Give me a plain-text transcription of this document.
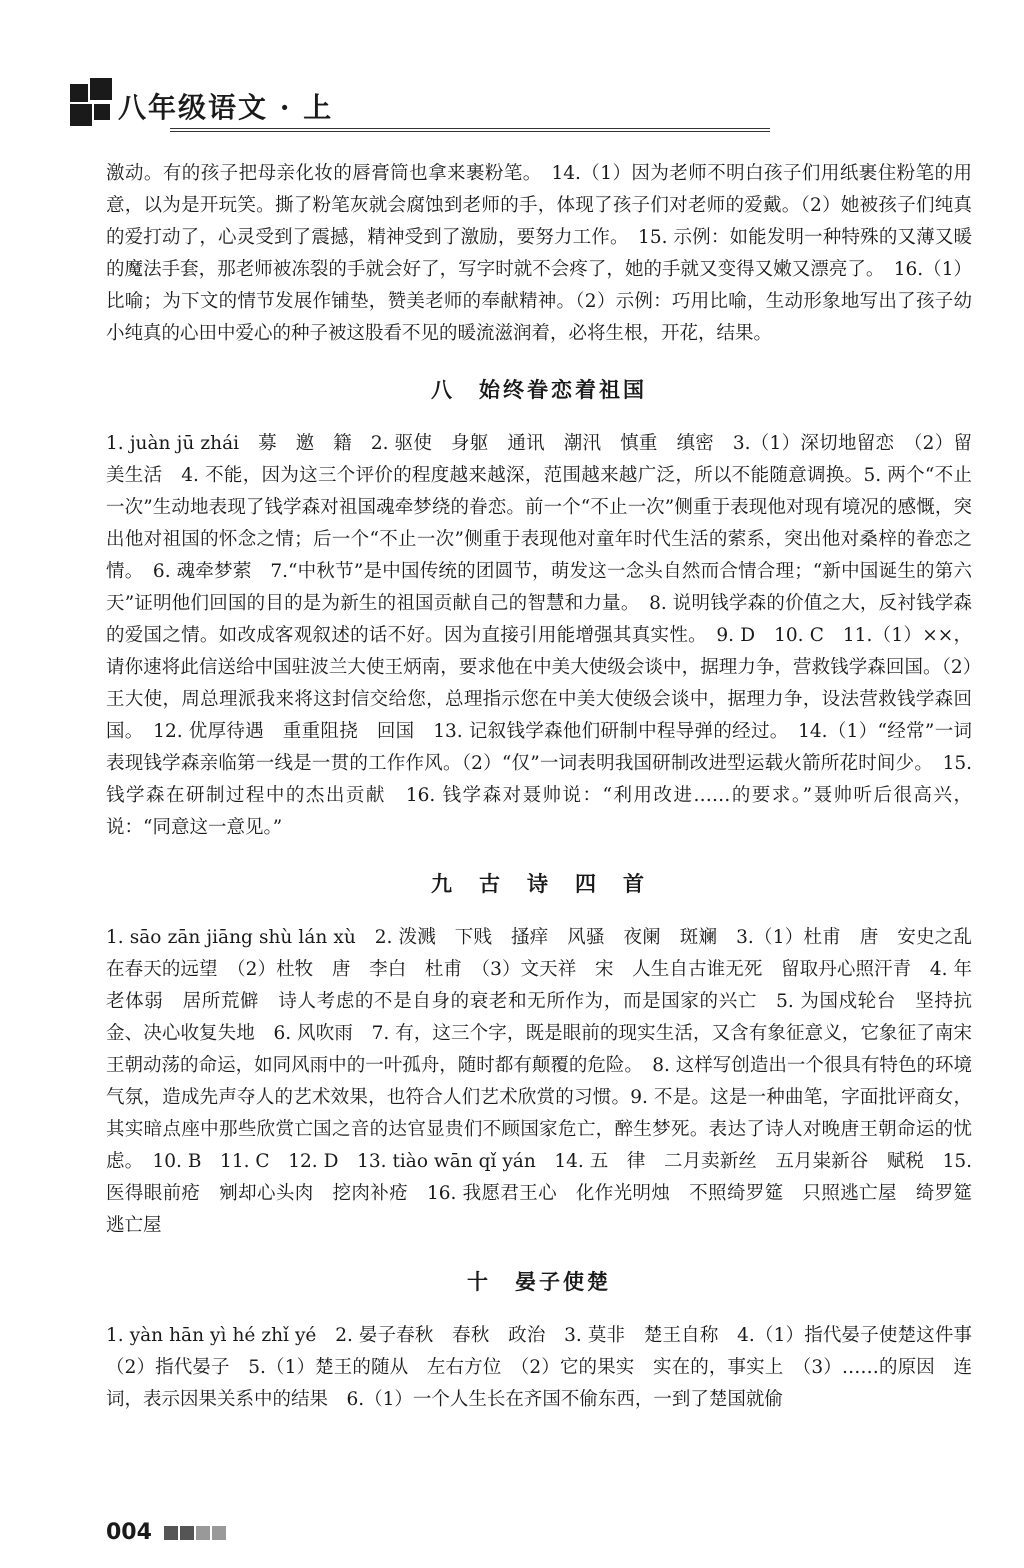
八年级语文 · 上

激动。有的孩子把母亲化妆的唇膏筒也拿来裹粉笔。　14.（1）因为老师不明白孩子们用纸裹住粉笔的用意，以为是开玩笑。撕了粉笔灰就会腐蚀到老师的手，体现了孩子们对老师的爱戴。（2）她被孩子们纯真的爱打动了，心灵受到了震撼，精神受到了激励，要努力工作。　15. 示例：如能发明一种特殊的又薄又暖的魔法手套，那老师被冻裂的手就会好了，写字时就不会疼了，她的手就又变得又嫩又漂亮了。　16.（1）比喻；为下文的情节发展作铺垫，赞美老师的奉献精神。（2）示例：巧用比喻，生动形象地写出了孩子幼小纯真的心田中爱心的种子被这股看不见的暖流滋润着，必将生根，开花，结果。

八　始终眷恋着祖国

1. juàn jū zhái　募　邀　籍　2. 驱使　身躯　通讯　潮汛　慎重　缜密　3.（1）深切地留恋　（2）留美生活　4. 不能，因为这三个评价的程度越来越深，范围越来越广泛，所以不能随意调换。5. 两个“不止一次”生动地表现了钱学森对祖国魂牵梦绕的眷恋。前一个“不止一次”侧重于表现他对现有境况的感慨，突出他对祖国的怀念之情；后一个“不止一次”侧重于表现他对童年时代生活的萦系，突出他对桑梓的眷恋之情。　6. 魂牵梦萦　7.“中秋节”是中国传统的团圆节，萌发这一念头自然而合情合理；“新中国诞生的第六天”证明他们回国的目的是为新生的祖国贡献自己的智慧和力量。　8. 说明钱学森的价值之大，反衬钱学森的爱国之情。如改成客观叙述的话不好。因为直接引用能增强其真实性。　9. D　10. C　11.（1）××，请你速将此信送给中国驻波兰大使王炳南，要求他在中美大使级会谈中，据理力争，营救钱学森回国。（2）王大使，周总理派我来将这封信交给您，总理指示您在中美大使级会谈中，据理力争，设法营救钱学森回国。　12. 优厚待遇　重重阻挠　回国　13. 记叙钱学森他们研制中程导弹的经过。　14.（1）“经常”一词表现钱学森亲临第一线是一贯的工作作风。（2）“仅”一词表明我国研制改进型运载火箭所花时间少。　15. 钱学森在研制过程中的杰出贡献　16. 钱学森对聂帅说：“利用改进……的要求。”聂帅听后很高兴，说：“同意这一意见。”

九　古　诗　四　首

1. sāo zān jiāng shù lán xù　2. 泼溅　下贱　搔痒　风骚　夜阑　斑斓　3.（1）杜甫　唐　安史之乱　在春天的远望　（2）杜牧　唐　李白　杜甫　（3）文天祥　宋　人生自古谁无死　留取丹心照汗青　4. 年老体弱　居所荒僻　诗人考虑的不是自身的衰老和无所作为，而是国家的兴亡　5. 为国戍轮台　坚持抗金、决心收复失地　6. 风吹雨　7. 有，这三个字，既是眼前的现实生活，又含有象征意义，它象征了南宋王朝动荡的命运，如同风雨中的一叶孤舟，随时都有颠覆的危险。　8. 这样写创造出一个很具有特色的环境气氛，造成先声夺人的艺术效果，也符合人们艺术欣赏的习惯。9. 不是。这是一种曲笔，字面批评商女，其实暗点座中那些欣赏亡国之音的达官显贵们不顾国家危亡，醉生梦死。表达了诗人对晚唐王朝命运的忧虑。　10. B　11. C　12. D　13. tiào wān qǐ yán　14. 五　律　二月卖新丝　五月粜新谷　赋税　15. 医得眼前疮　剜却心头肉　挖肉补疮　16. 我愿君王心　化作光明烛　不照绮罗筵　只照逃亡屋　绮罗筵　逃亡屋

十　晏子使楚

1. yàn hān yì hé zhǐ yé　2. 晏子春秋　春秋　政治　3. 莫非　楚王自称　4.（1）指代晏子使楚这件事　（2）指代晏子　5.（1）楚王的随从　左右方位　（2）它的果实　实在的，事实上　（3）……的原因　连词，表示因果关系中的结果　6.（1）一个人生长在齐国不偷东西，一到了楚国就偷

004
